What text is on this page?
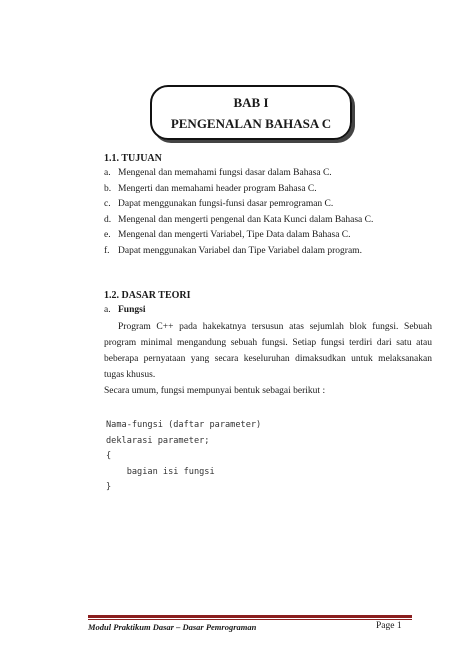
BAB I
PENGENALAN BAHASA C
1.1. TUJUAN
a. Mengenal dan memahami fungsi dasar dalam Bahasa C.
b. Mengerti dan memahami header program Bahasa C.
c. Dapat menggunakan fungsi-funsi dasar pemrograman C.
d. Mengenal dan mengerti pengenal dan Kata Kunci dalam Bahasa C.
e. Mengenal dan mengerti Variabel, Tipe Data dalam Bahasa C.
f. Dapat menggunakan Variabel dan Tipe Variabel dalam program.
1.2. DASAR TEORI
a. Fungsi

Program C++ pada hakekatnya tersusun atas sejumlah blok fungsi. Sebuah program minimal mengandung sebuah fungsi. Setiap fungsi terdiri dari satu atau beberapa pernyataan yang secara keseluruhan dimaksudkan untuk melaksanakan tugas khusus.

Secara umum, fungsi mempunyai bentuk sebagai berikut :

Nama-fungsi (daftar parameter)
deklarasi parameter;
{
bagian isi fungsi
}
Modul Praktikum Dasar – Dasar Pemrograman	Page 1
